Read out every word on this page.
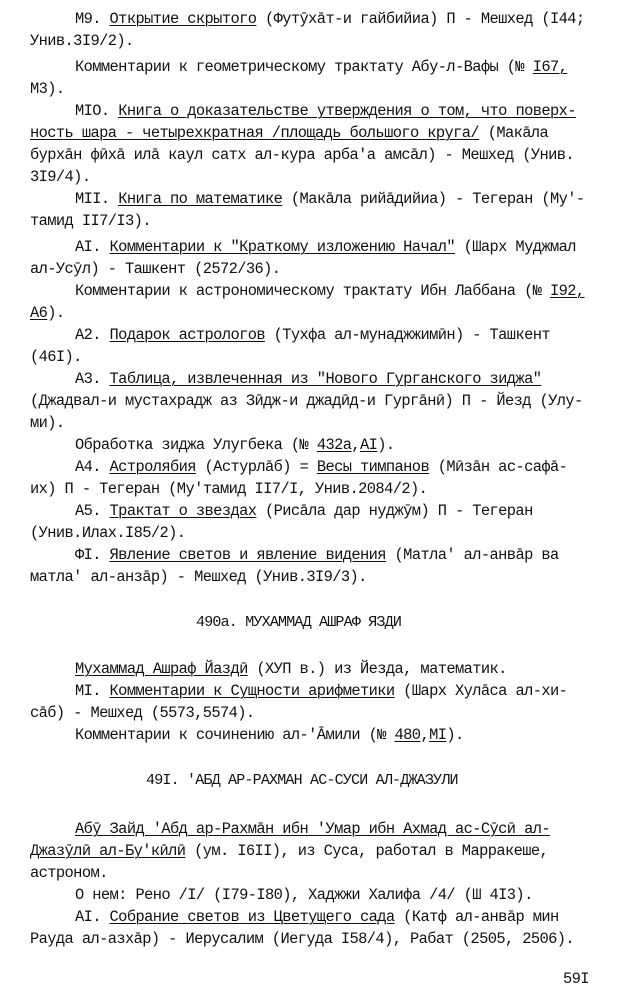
M9. Открытие скрытого (Футӯхāт-и гайбийиа) П - Мешхед (I44;
Унив.3I9/2).
Комментарии к геометрическому трактату Абу-л-Вафы (№ I67,
М3).
MIO. Книга о доказательстве утверждения о том, что поверх-
ность шара - четырехкратная /площадь большого круга/ (Макāла
бурхāн фӣхā илā каул сатх ал-кура арба'а амсāл) - Мешхед (Унив.
3I9/4).
MII. Книга по математике (Макāла рийāдийиа) - Тегеран (Му'-
тамид II7/I3).
AI. Комментарии к "Краткому изложению Начал" (Шарх Муджмал
ал-Усӯл) - Ташкент (2572/36).
Комментарии к астрономическому трактату Ибн Лаббана (№ I92,
A6).
A2. Подарок астрологов (Тухфа ал-мунаджжимӣн) - Ташкент
(46I).
A3. Таблица, извлеченная из "Нового Гурганского зиджа"
(Джадвал-и мустахрадж аз Зӣдж-и джадӣд-и Гургāнӣ) П - Йезд (Улу-
ми).
Обработка зиджа Улугбека (№ 432а,AI).
A4. Астролябия (Астурлāб) = Весы тимпанов (Мӣзāн ас-сафā-
их) П - Тегеран (Му'тамид II7/I, Унив.2084/2).
A5. Трактат о звездах (Рисāла дар нуджӯм) П - Тегеран
(Унив.Илах.I85/2).
ФI. Явление светов и явление видения (Матла' ал-анвāр ва
матла' ал-анзāр) - Мешхед (Унив.3I9/3).
490а. МУХАММАД АШРАФ ЯЗДИ
Мухаммад Ашраф Йаздӣ (ХУП в.) из Йезда, математик.
MI. Комментарии к Сущности арифметики (Шарх Хулāса ал-хи-
сāб) - Мешхед (5573,5574).
Комментарии к сочинению ал-'Āмили (№ 480,MI).
49I. 'АБД АР-РАХМАН АС-СУСИ АЛ-ДЖАЗУЛИ
Абӯ Зайд 'Абд ар-Рахмāн ибн 'Умар ибн Ахмад ас-Сӯсӣ ал-
Джазӯлӣ ал-Бу'кӣлӣ (ум. I6II), из Суса, работал в Марракеше,
астроном.
О нем: Рено /I/ (I79-I80), Хаджжи Халифа /4/ (Ш 4I3).
AI. Собрание светов из Цветущего сада (Катф ал-анвāр мин
Рауда ал-азхāр) - Иерусалим (Иегуда I58/4), Рабат (2505, 2506).
59I
